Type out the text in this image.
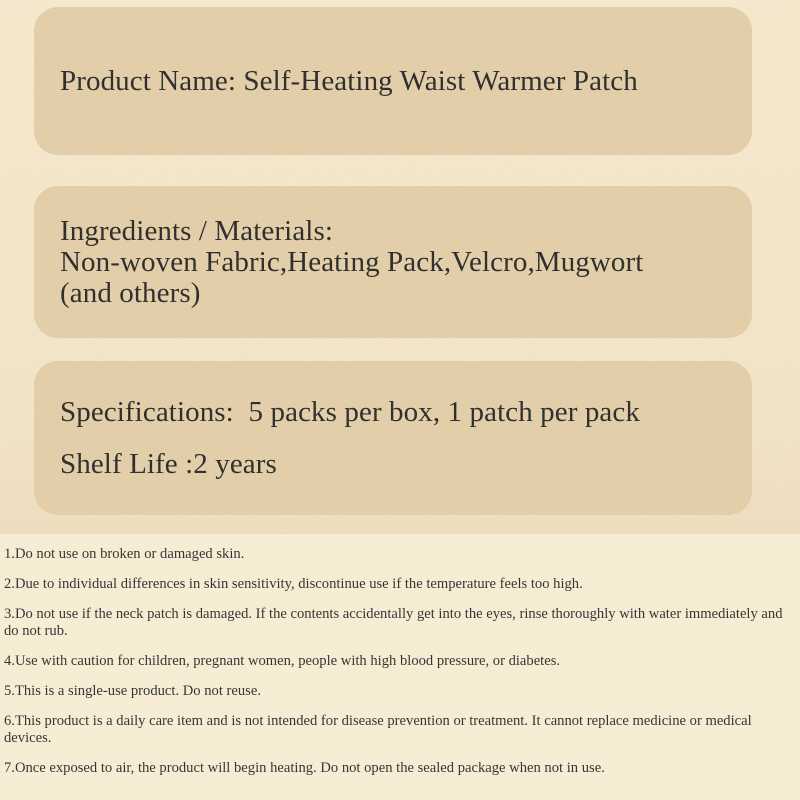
Product Name: Self-Heating Waist Warmer Patch

Ingredients / Materials:

Non-woven Fabric,Heating Pack,Velcro,Mugwort

(and others)

Specifications:  5 packs per box, 1 patch per pack

Shelf Life :2 years

1.Do not use on broken or damaged skin.

2.Due to individual differences in skin sensitivity, discontinue use if the temperature feels too high.

3.Do not use if the neck patch is damaged. If the contents accidentally get into the eyes, rinse thoroughly with water immediately and do not rub.

4.Use with caution for children, pregnant women, people with high blood pressure, or diabetes.

5.This is a single-use product. Do not reuse.

6.This product is a daily care item and is not intended for disease prevention or treatment. It cannot replace medicine or medical devices.

7.Once exposed to air, the product will begin heating. Do not open the sealed package when not in use.
